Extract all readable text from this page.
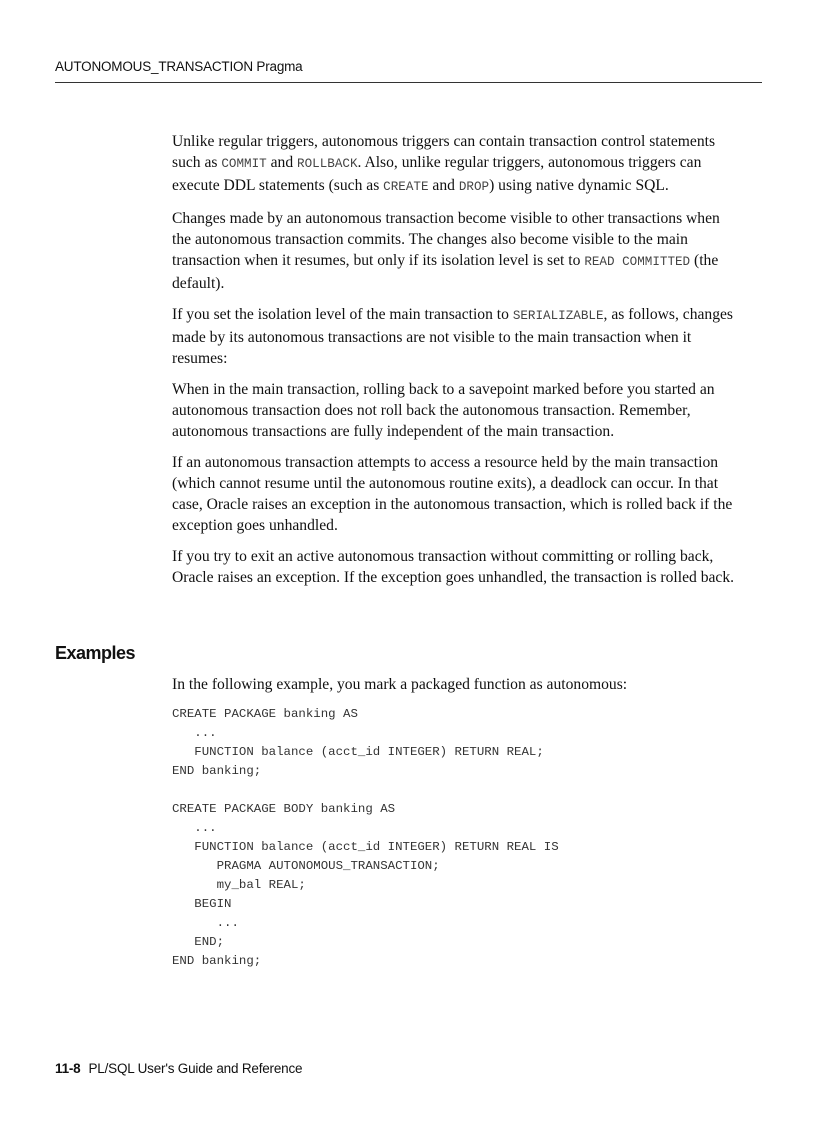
AUTONOMOUS_TRANSACTION Pragma

Unlike regular triggers, autonomous triggers can contain transaction control statements such as COMMIT and ROLLBACK. Also, unlike regular triggers, autonomous triggers can execute DDL statements (such as CREATE and DROP) using native dynamic SQL.

Changes made by an autonomous transaction become visible to other transactions when the autonomous transaction commits. The changes also become visible to the main transaction when it resumes, but only if its isolation level is set to READ COMMITTED (the default).

If you set the isolation level of the main transaction to SERIALIZABLE, as follows, changes made by its autonomous transactions are not visible to the main transaction when it resumes:

When in the main transaction, rolling back to a savepoint marked before you started an autonomous transaction does not roll back the autonomous transaction. Remember, autonomous transactions are fully independent of the main transaction.

If an autonomous transaction attempts to access a resource held by the main transaction (which cannot resume until the autonomous routine exits), a deadlock can occur. In that case, Oracle raises an exception in the autonomous transaction, which is rolled back if the exception goes unhandled.

If you try to exit an active autonomous transaction without committing or rolling back, Oracle raises an exception. If the exception goes unhandled, the transaction is rolled back.

Examples
In the following example, you mark a packaged function as autonomous:
CREATE PACKAGE banking AS
...
FUNCTION balance (acct_id INTEGER) RETURN REAL;
END banking;
CREATE PACKAGE BODY banking AS
...
FUNCTION balance (acct_id INTEGER) RETURN REAL IS
PRAGMA AUTONOMOUS_TRANSACTION;
my_bal REAL;
BEGIN
...
END;
END banking;
11-8 PL/SQL User's Guide and Reference
